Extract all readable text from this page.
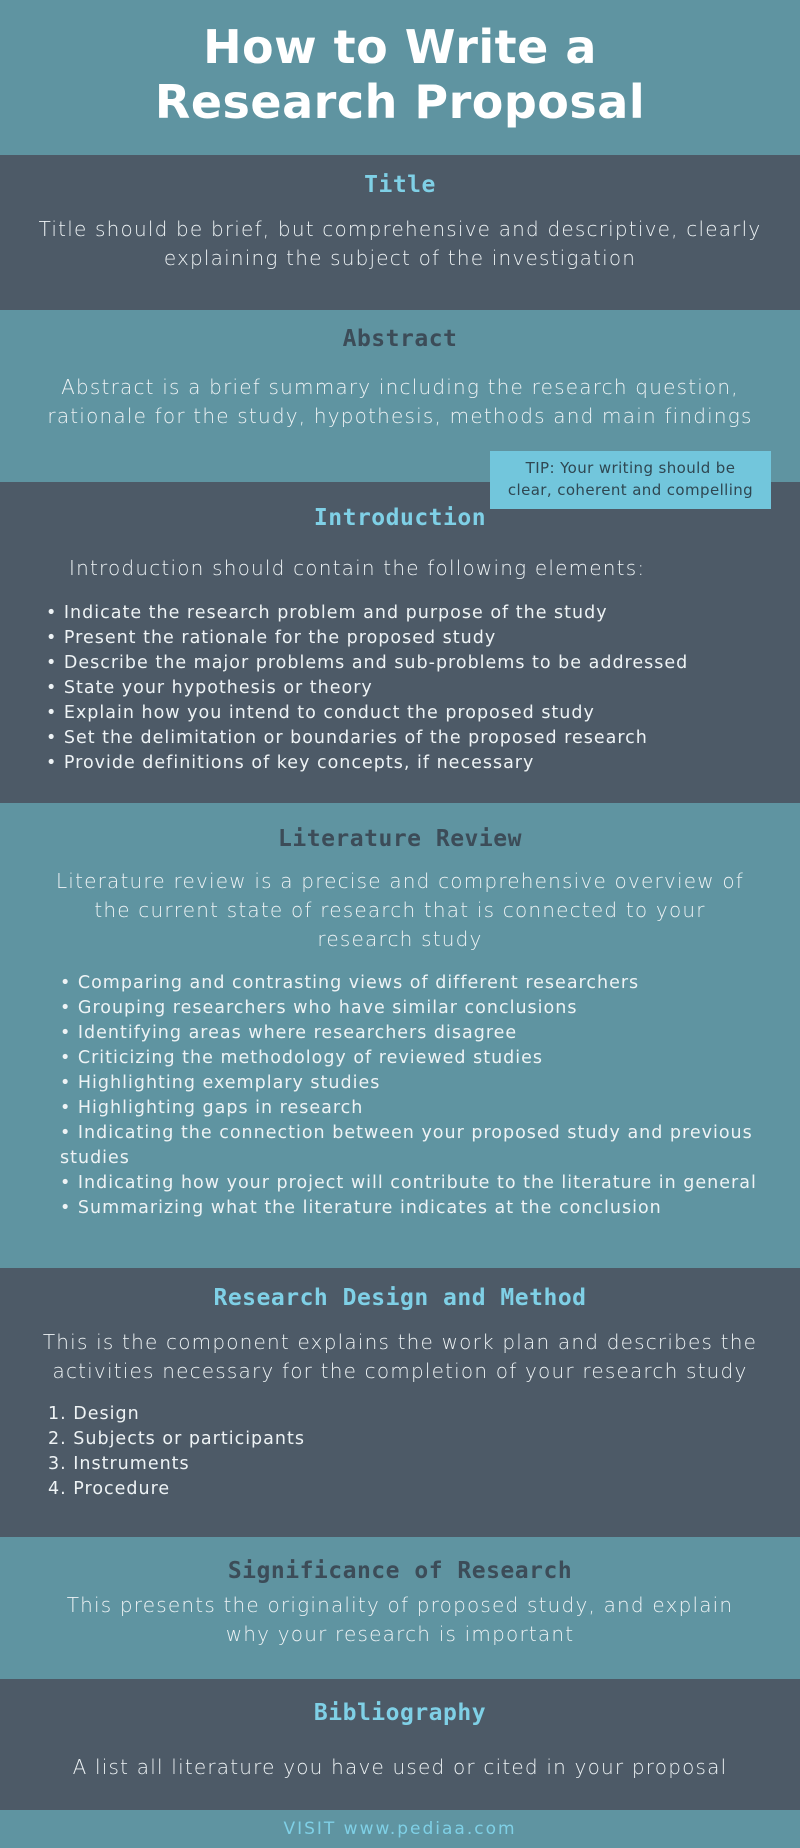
How to Write a
Research Proposal
Title

Title should be brief, but comprehensive and descriptive, clearly
explaining the subject of the investigation

Abstract

Abstract is a brief summary including the research question,
rationale for the study, hypothesis, methods and main findings

Introduction

Introduction should contain the following elements:

• Indicate the research problem and purpose of the study
• Present the rationale for the proposed study
• Describe the major problems and sub-problems to be addressed
• State your hypothesis or theory
• Explain how you intend to conduct the proposed study
• Set the delimitation or boundaries of the proposed research
• Provide definitions of key concepts, if necessary
TIP: Your writing should be
clear, coherent and compelling
Literature Review

Literature review is a precise and comprehensive overview of
the current state of research that is connected to your
research study

• Comparing and contrasting views of different researchers
• Grouping researchers who have similar conclusions
• Identifying areas where researchers disagree
• Criticizing the methodology of reviewed studies
• Highlighting exemplary studies
• Highlighting gaps in research
• Indicating the connection between your proposed study and previous
studies
• Indicating how your project will contribute to the literature in general
• Summarizing what the literature indicates at the conclusion
Research Design and Method

This is the component explains the work plan and describes the
activities necessary for the completion of your research study

1. Design
2. Subjects or participants
3. Instruments
4. Procedure
Significance of Research

This presents the originality of proposed study, and explain
why your research is important

Bibliography

A list all literature you have used or cited in your proposal

VISIT www.pediaa.com
